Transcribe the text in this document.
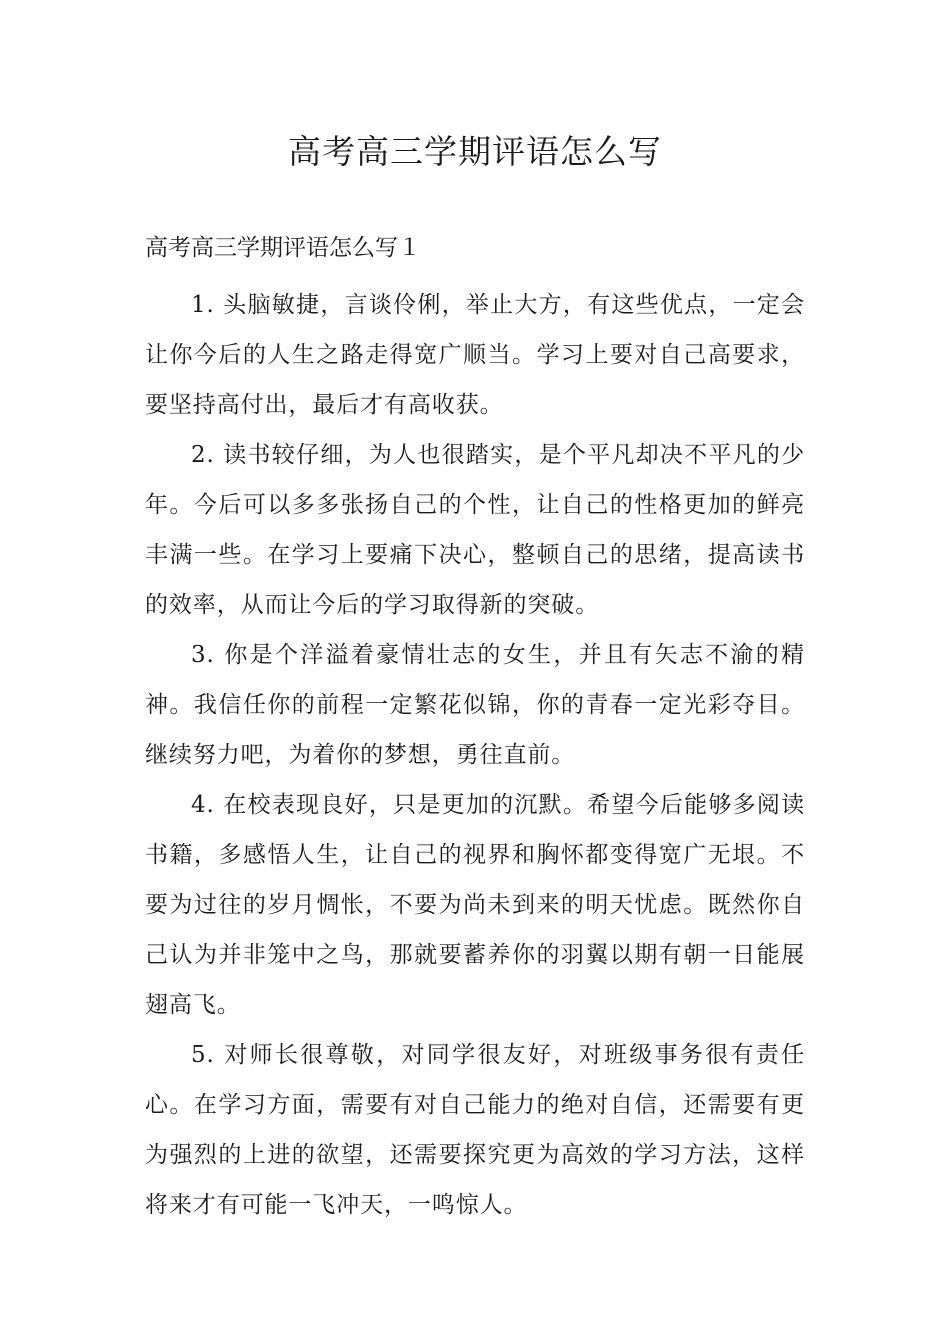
高考高三学期评语怎么写

高考高三学期评语怎么写１

1. 头脑敏捷，言谈伶俐，举止大方，有这些优点，一定会让你今后的人生之路走得宽广顺当。学习上要对自己高要求，要坚持高付出，最后才有高收获。

2. 读书较仔细，为人也很踏实，是个平凡却决不平凡的少年。今后可以多多张扬自己的个性，让自己的性格更加的鲜亮丰满一些。在学习上要痛下决心，整顿自己的思绪，提高读书的效率，从而让今后的学习取得新的突破。

3. 你是个洋溢着豪情壮志的女生，并且有矢志不渝的精神。我信任你的前程一定繁花似锦，你的青春一定光彩夺目。继续努力吧，为着你的梦想，勇往直前。

4. 在校表现良好，只是更加的沉默。希望今后能够多阅读书籍，多感悟人生，让自己的视界和胸怀都变得宽广无垠。不要为过往的岁月惆怅，不要为尚未到来的明天忧虑。既然你自己认为并非笼中之鸟，那就要蓄养你的羽翼以期有朝一日能展翅高飞。

5. 对师长很尊敬，对同学很友好，对班级事务很有责任心。在学习方面，需要有对自己能力的绝对自信，还需要有更为强烈的上进的欲望，还需要探究更为高效的学习方法，这样将来才有可能一飞冲天，一鸣惊人。
